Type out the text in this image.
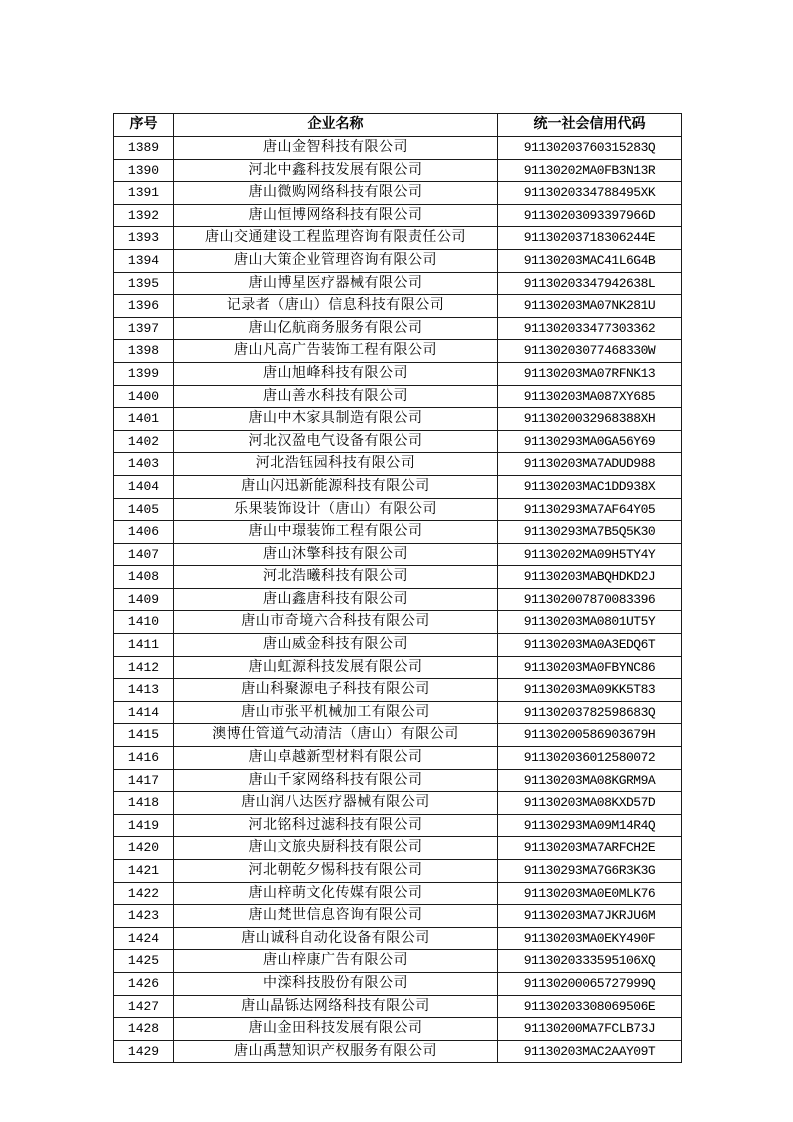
序号	企业名称	统一社会信用代码
1389	唐山金智科技有限公司	91130203760315283Q
1390	河北中鑫科技发展有限公司	91130202MA0FB3N13R
1391	唐山微购网络科技有限公司	9113020334788495XK
1392	唐山恒博网络科技有限公司	91130203093397966D
1393	唐山交通建设工程监理咨询有限责任公司	91130203718306244E
1394	唐山大策企业管理咨询有限公司	91130203MAC41L6G4B
1395	唐山博星医疗器械有限公司	91130203347942638L
1396	记录者（唐山）信息科技有限公司	91130203MA07NK281U
1397	唐山亿航商务服务有限公司	911302033477303362
1398	唐山凡高广告装饰工程有限公司	91130203077468330W
1399	唐山旭峰科技有限公司	91130203MA07RFNK13
1400	唐山善水科技有限公司	91130203MA087XY685
1401	唐山中木家具制造有限公司	9113020032968388XH
1402	河北汉盈电气设备有限公司	91130293MA0GA56Y69
1403	河北浩钰园科技有限公司	91130203MA7ADUD988
1404	唐山闪迅新能源科技有限公司	91130203MAC1DD938X
1405	乐果装饰设计（唐山）有限公司	91130293MA7AF64Y05
1406	唐山中璟装饰工程有限公司	91130293MA7B5Q5K30
1407	唐山沐擎科技有限公司	91130202MA09H5TY4Y
1408	河北浩曦科技有限公司	91130203MABQHDKD2J
1409	唐山鑫唐科技有限公司	911302007870083396
1410	唐山市奇境六合科技有限公司	91130203MA0801UT5Y
1411	唐山威金科技有限公司	91130203MA0A3EDQ6T
1412	唐山虹源科技发展有限公司	91130203MA0FBYNC86
1413	唐山科聚源电子科技有限公司	91130203MA09KK5T83
1414	唐山市张平机械加工有限公司	91130203782598683Q
1415	澳博仕管道气动清洁（唐山）有限公司	91130200586903679H
1416	唐山卓越新型材料有限公司	911302036012580072
1417	唐山千家网络科技有限公司	91130203MA08KGRM9A
1418	唐山润八达医疗器械有限公司	91130203MA08KXD57D
1419	河北铭科过滤科技有限公司	91130293MA09M14R4Q
1420	唐山文旅央厨科技有限公司	91130203MA7ARFCH2E
1421	河北朝乾夕惕科技有限公司	91130293MA7G6R3K3G
1422	唐山梓萌文化传媒有限公司	91130203MA0E0MLK76
1423	唐山梵世信息咨询有限公司	91130203MA7JKRJU6M
1424	唐山诚科自动化设备有限公司	91130203MA0EKY490F
1425	唐山梓康广告有限公司	9113020333595106XQ
1426	中滦科技股份有限公司	91130200065727999Q
1427	唐山晶铄达网络科技有限公司	91130203308069506E
1428	唐山金田科技发展有限公司	91130200MA7FCLB73J
1429	唐山禹慧知识产权服务有限公司	91130203MAC2AAY09T
